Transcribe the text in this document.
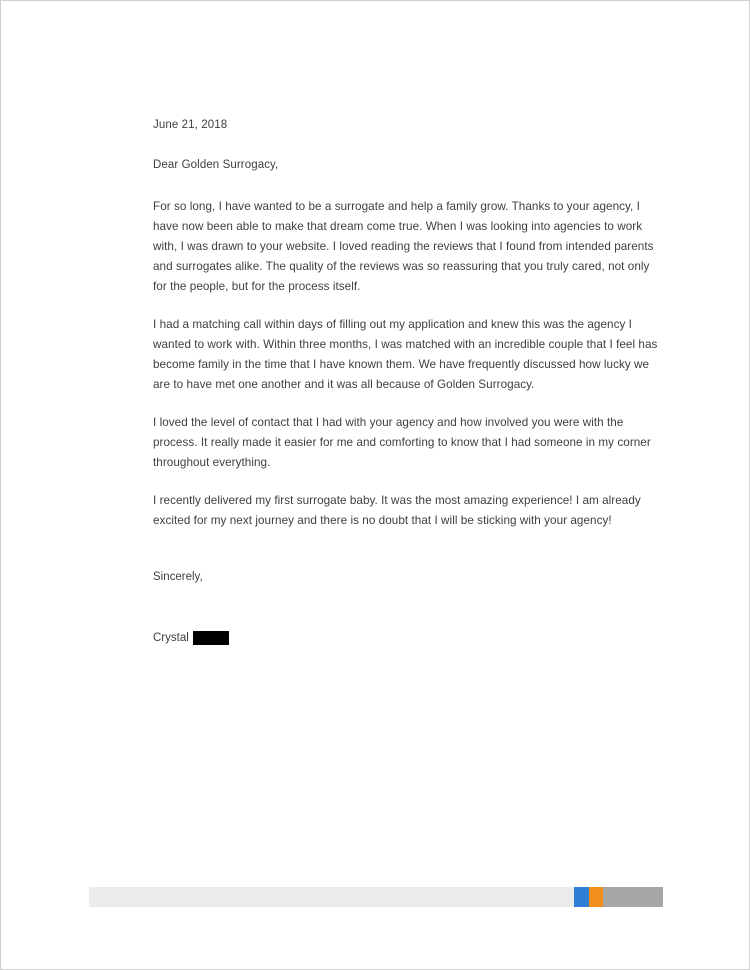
June 21, 2018
Dear Golden Surrogacy,

For so long, I have wanted to be a surrogate and help a family grow. Thanks to your agency, I have now been able to make that dream come true. When I was looking into agencies to work with, I was drawn to your website. I loved reading the reviews that I found from intended parents and surrogates alike. The quality of the reviews was so reassuring that you truly cared, not only for the people, but for the process itself.

I had a matching call within days of filling out my application and knew this was the agency I wanted to work with. Within three months, I was matched with an incredible couple that I feel has become family in the time that I have known them. We have frequently discussed how lucky we are to have met one another and it was all because of Golden Surrogacy.

I loved the level of contact that I had with your agency and how involved you were with the process. It really made it easier for me and comforting to know that I had someone in my corner throughout everything.

I recently delivered my first surrogate baby. It was the most amazing experience! I am already excited for my next journey and there is no doubt that I will be sticking with your agency!

Sincerely,
Crystal
